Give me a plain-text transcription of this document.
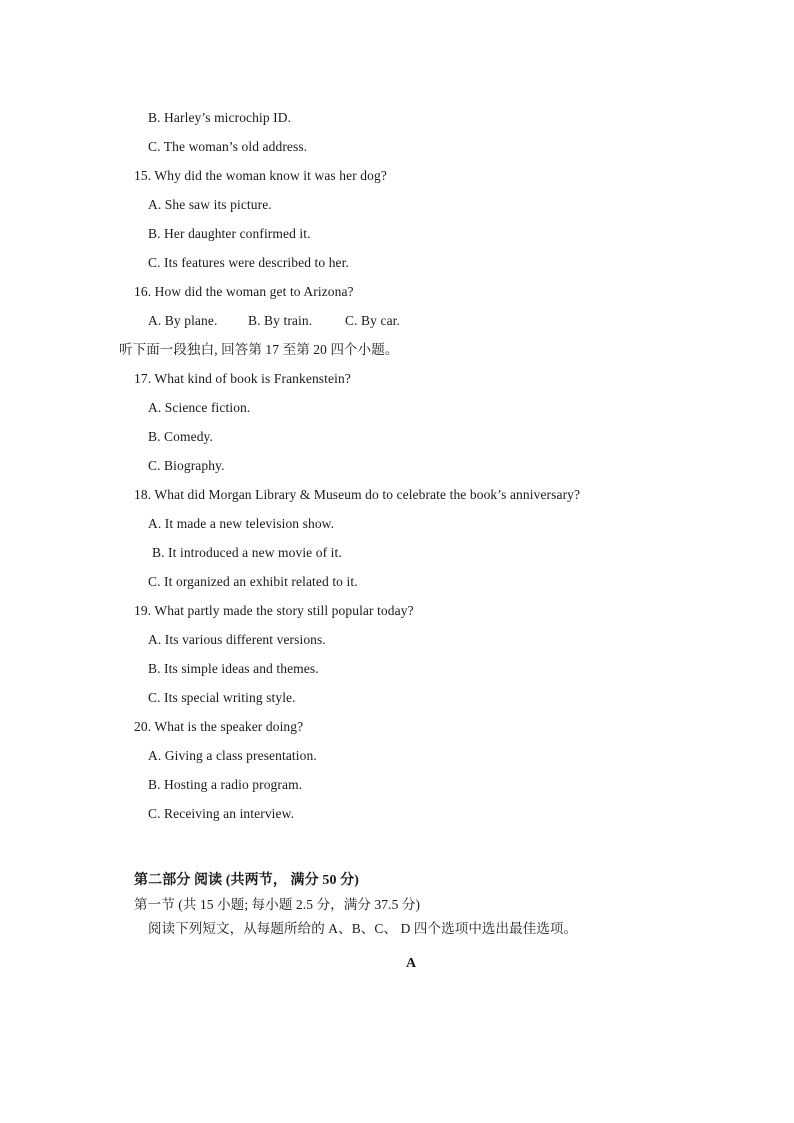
B. Harley’s microchip ID.
C. The woman’s old address.
15. Why did the woman know it was her dog?
A. She saw its picture.
B. Her daughter confirmed it.
C. Its features were described to her.
16. How did the woman get to Arizona?
A. By plane. B. By train. C. By car.
听下面一段独白, 回答第 17 至第 20 四个小题。
17. What kind of book is Frankenstein?
A. Science fiction.
B. Comedy.
C. Biography.
18. What did Morgan Library & Museum do to celebrate the book’s anniversary?
A. It made a new television show.
B. It introduced a new movie of it.
C. It organized an exhibit related to it.
19. What partly made the story still popular today?
A. Its various different versions.
B. Its simple ideas and themes.
C. Its special writing style.
20. What is the speaker doing?
A. Giving a class presentation.
B. Hosting a radio program.
C. Receiving an interview.
第二部分 阅读 (共两节， 满分 50 分)
第一节 (共 15 小题; 每小题 2.5 分，满分 37.5 分)
阅读下列短文，从每题所给的 A、B、C、 D 四个选项中选出最佳选项。
A
